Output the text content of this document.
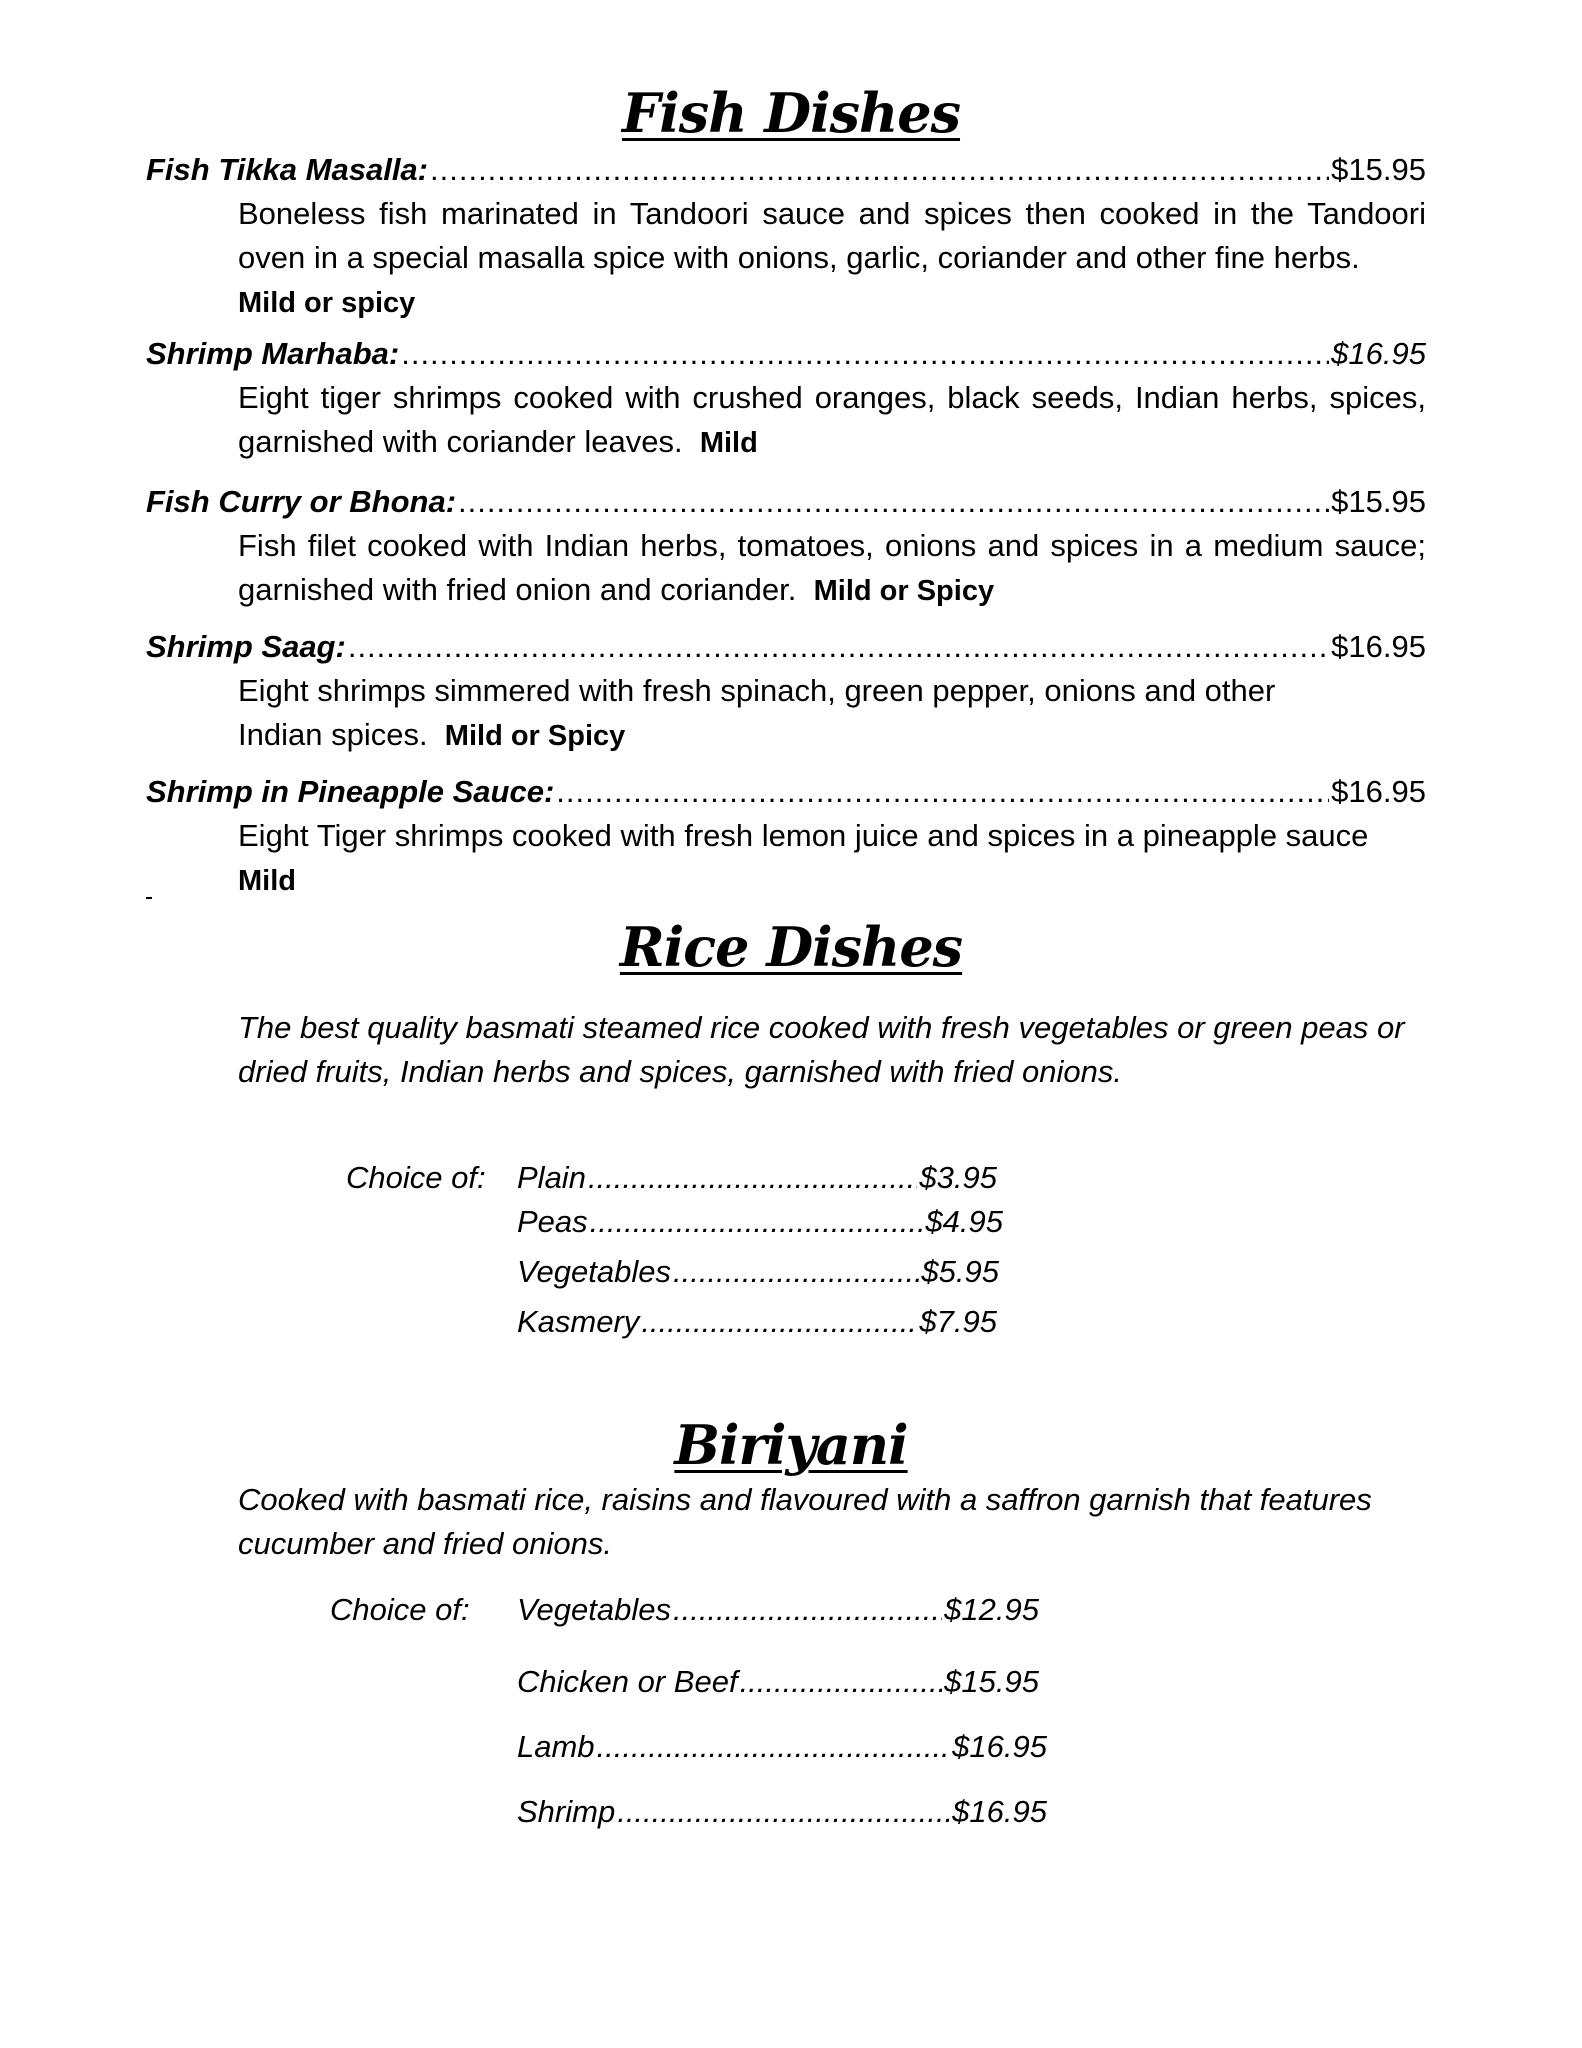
Fish Dishes
Fish Tikka Masalla: .....	$15.95
Boneless fish marinated in Tandoori sauce and spices then cooked in the Tandoori oven in a special masalla spice with onions, garlic, coriander and other fine herbs.
Mild or spicy
Shrimp Marhaba: .....	$16.95
Eight tiger shrimps cooked with crushed oranges, black seeds, Indian herbs, spices, garnished with coriander leaves. Mild
Fish Curry or Bhona: .....	$15.95
Fish filet cooked with Indian herbs, tomatoes, onions and spices in a medium sauce; garnished with fried onion and coriander. Mild or Spicy
Shrimp Saag: .....	$16.95
Eight shrimps simmered with fresh spinach, green pepper, onions and other Indian spices. Mild or Spicy
Shrimp in Pineapple Sauce: .....	$16.95
Eight Tiger shrimps cooked with fresh lemon juice and spices in a pineapple sauce
Mild
Rice Dishes
The best quality basmati steamed rice cooked with fresh vegetables or green peas or dried fruits, Indian herbs and spices, garnished with fried onions.
Choice of: Plain .....	$3.95
Peas .....	$4.95
Vegetables .....	$5.95
Kasmery .....	$7.95
Biriyani
Cooked with basmati rice, raisins and flavoured with a saffron garnish that features cucumber and fried onions.
Choice of: Vegetables .....	$12.95
Chicken or Beef .....	$15.95
Lamb .....	$16.95
Shrimp .....	$16.95
